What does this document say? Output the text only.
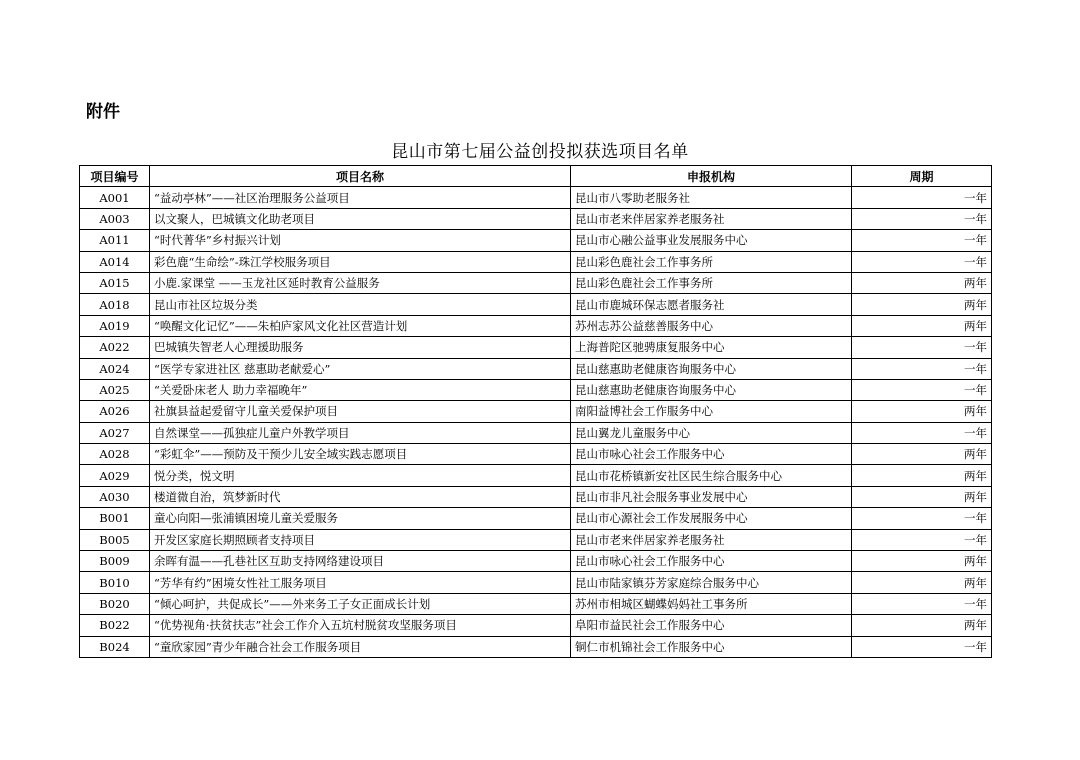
附件
昆山市第七届公益创投拟获选项目名单
项目编号	项目名称	申报机构	周期
A001	“益动亭林”——社区治理服务公益项目	昆山市八零助老服务社	一年
A003	以文聚人，巴城镇文化助老项目	昆山市老来伴居家养老服务社	一年
A011	“时代菁华”乡村振兴计划	昆山市心融公益事业发展服务中心	一年
A014	彩色鹿“生命绘”-珠江学校服务项目	昆山彩色鹿社会工作事务所	一年
A015	小鹿.家课堂 ——玉龙社区延时教育公益服务	昆山彩色鹿社会工作事务所	两年
A018	昆山市社区垃圾分类	昆山市鹿城环保志愿者服务社	两年
A019	“唤醒文化记忆”——朱柏庐家风文化社区营造计划	苏州志苏公益慈善服务中心	两年
A022	巴城镇失智老人心理援助服务	上海普陀区驰骋康复服务中心	一年
A024	“医学专家进社区 慈惠助老献爱心”	昆山慈惠助老健康咨询服务中心	一年
A025	“关爱卧床老人 助力幸福晚年”	昆山慈惠助老健康咨询服务中心	一年
A026	社旗县益起爱留守儿童关爱保护项目	南阳益博社会工作服务中心	两年
A027	自然课堂——孤独症儿童户外教学项目	昆山翼龙儿童服务中心	一年
A028	“彩虹伞”——预防及干预少儿安全域实践志愿项目	昆山市咏心社会工作服务中心	两年
A029	悦分类，悦文明	昆山市花桥镇新安社区民生综合服务中心	两年
A030	楼道微自治，筑梦新时代	昆山市非凡社会服务事业发展中心	两年
B001	童心向阳—张浦镇困境儿童关爱服务	昆山市心源社会工作发展服务中心	一年
B005	开发区家庭长期照顾者支持项目	昆山市老来伴居家养老服务社	一年
B009	余晖有温——孔巷社区互助支持网络建设项目	昆山市咏心社会工作服务中心	两年
B010	“芳华有约”困境女性社工服务项目	昆山市陆家镇芬芳家庭综合服务中心	两年
B020	“倾心呵护，共促成长”——外来务工子女正面成长计划	苏州市相城区蝴蝶妈妈社工事务所	一年
B022	“优势视角·扶贫扶志”社会工作介入五坑村脱贫攻坚服务项目	阜阳市益民社会工作服务中心	两年
B024	“童欣家园”青少年融合社会工作服务项目	铜仁市机锦社会工作服务中心	一年
